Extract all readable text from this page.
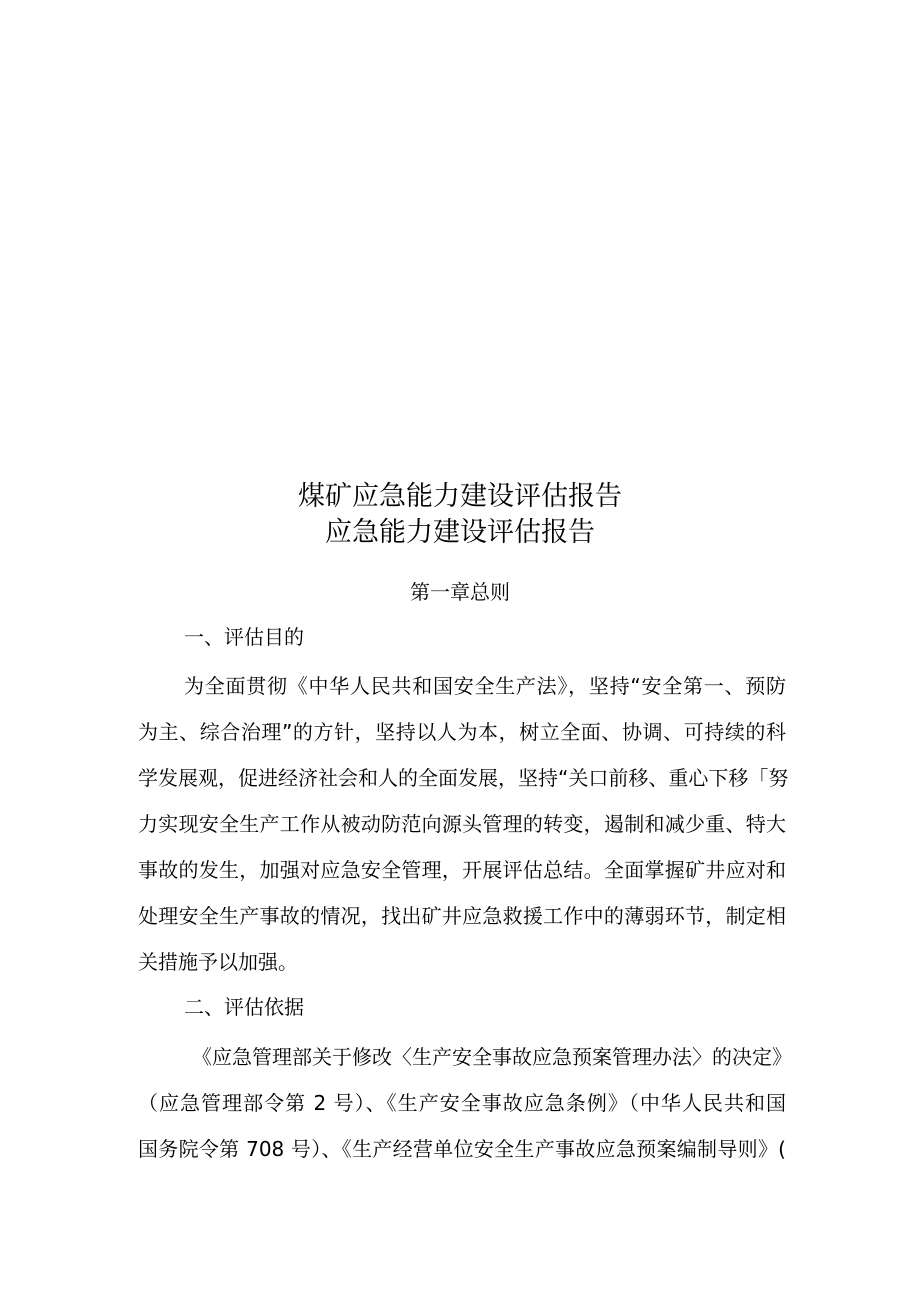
煤矿应急能力建设评估报告
应急能力建设评估报告
第一章总则
一、评估目的
为全面贯彻《中华人民共和国安全生产法》，坚持“安全第一、预防
为主、综合治理”的方针，坚持以人为本，树立全面、协调、可持续的科
学发展观，促进经济社会和人的全面发展，坚持“关口前移、重心下移「努
力实现安全生产工作从被动防范向源头管理的转变，遏制和减少重、特大
事故的发生，加强对应急安全管理，开展评估总结。全面掌握矿井应对和
处理安全生产事故的情况，找出矿井应急救援工作中的薄弱环节，制定相
关措施予以加强。
二、评估依据
《应急管理部关于修改〈生产安全事故应急预案管理办法〉的决定》
（应急管理部令第 2 号）、《生产安全事故应急条例》（中华人民共和国
国务院令第 708 号）、《生产经营单位安全生产事故应急预案编制导则》(
